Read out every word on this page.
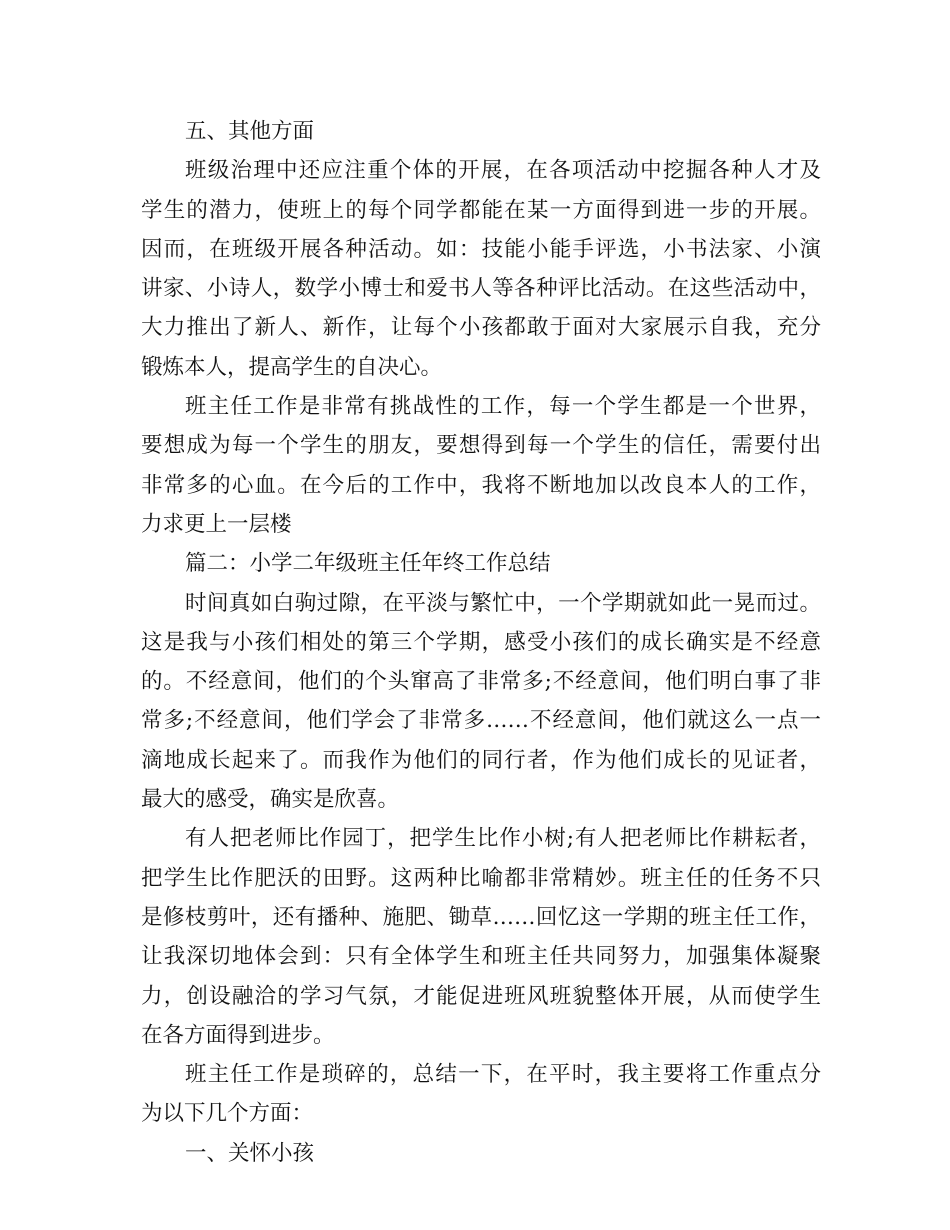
五、其他方面
班级治理中还应注重个体的开展，在各项活动中挖掘各种人才及
学生的潜力，使班上的每个同学都能在某一方面得到进一步的开展。
因而，在班级开展各种活动。如：技能小能手评选，小书法家、小演
讲家、小诗人，数学小博士和爱书人等各种评比活动。在这些活动中，
大力推出了新人、新作，让每个小孩都敢于面对大家展示自我，充分
锻炼本人，提高学生的自决心。
班主任工作是非常有挑战性的工作，每一个学生都是一个世界，
要想成为每一个学生的朋友，要想得到每一个学生的信任，需要付出
非常多的心血。在今后的工作中，我将不断地加以改良本人的工作，
力求更上一层楼
篇二：小学二年级班主任年终工作总结
时间真如白驹过隙，在平淡与繁忙中，一个学期就如此一晃而过。
这是我与小孩们相处的第三个学期，感受小孩们的成长确实是不经意
的。不经意间，他们的个头窜高了非常多;不经意间，他们明白事了非
常多;不经意间，他们学会了非常多……不经意间，他们就这么一点一
滴地成长起来了。而我作为他们的同行者，作为他们成长的见证者，
最大的感受，确实是欣喜。
有人把老师比作园丁，把学生比作小树;有人把老师比作耕耘者，
把学生比作肥沃的田野。这两种比喻都非常精妙。班主任的任务不只
是修枝剪叶，还有播种、施肥、锄草……回忆这一学期的班主任工作，
让我深切地体会到：只有全体学生和班主任共同努力，加强集体凝聚
力，创设融洽的学习气氛，才能促进班风班貌整体开展，从而使学生
在各方面得到进步。
班主任工作是琐碎的，总结一下，在平时，我主要将工作重点分
为以下几个方面：
一、关怀小孩
